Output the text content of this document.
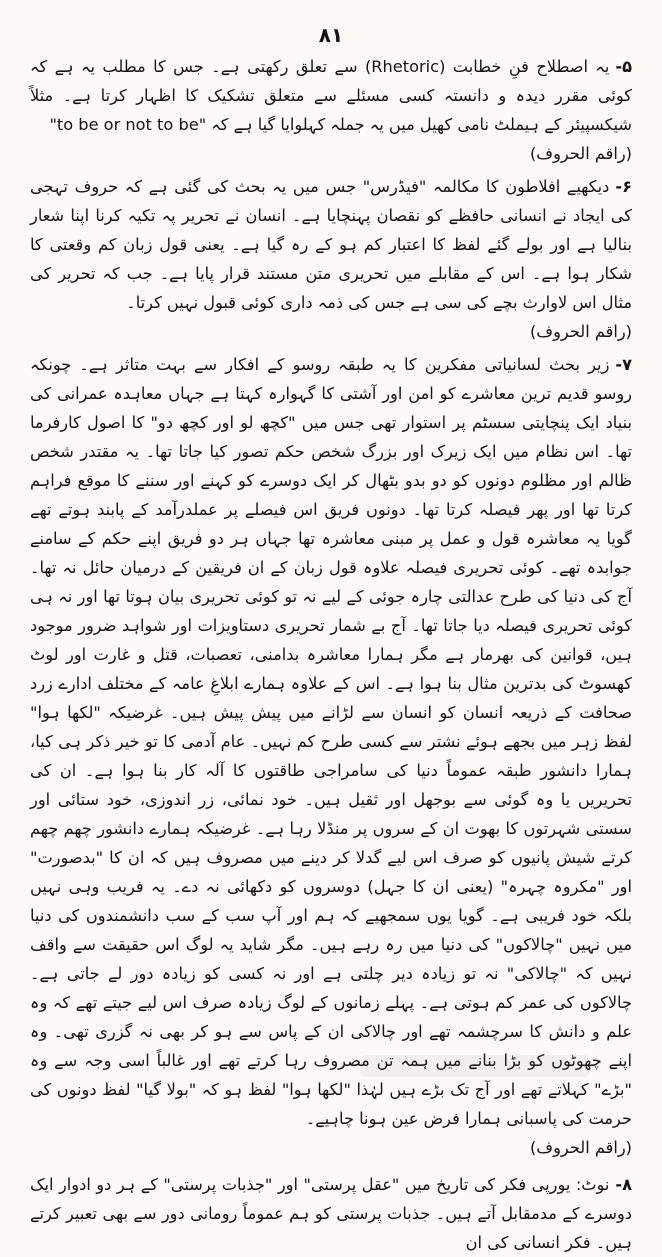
۸۱

۵-یہ اصطلاح فنِ خطابت (Rhetoric) سے تعلق رکھتی ہے۔ جس کا مطلب یہ ہے کہ کوئی مقرر دیدہ و دانستہ کسی مسئلے سے متعلق تشکیک کا اظہار کرتا ہے۔ مثلاً شیکسپیئر کے ہیملٹ نامی کھیل میں یہ جملہ کہلوایا گیا ہے کہ "to be or not to be"
(راقم الحروف)

۶-دیکھیے افلاطون کا مکالمہ "فیڈرس" جس میں یہ بحث کی گئی ہے کہ حروف تہجی کی ایجاد نے انسانی حافظے کو نقصان پہنچایا ہے۔ انسان نے تحریر پہ تکیہ کرنا اپنا شعار بنالیا ہے اور بولے گئے لفظ کا اعتبار کم ہو کے رہ گیا ہے۔ یعنی قول زبان کم وقعتی کا شکار ہوا ہے۔ اس کے مقابلے میں تحریری متن مستند قرار پایا ہے۔ جب کہ تحریر کی مثال اس لاوارث بچے کی سی ہے جس کی ذمہ داری کوئی قبول نہیں کرتا۔
(راقم الحروف)

۷-زیر بحث لسانیاتی مفکرین کا یہ طبقہ روسو کے افکار سے بہت متاثر ہے۔ چونکہ روسو قدیم ترین معاشرے کو امن اور آشتی کا گہوارہ کہتا ہے جہاں معاہدہ عمرانی کی بنیاد ایک پنچایتی سسٹم پر استوار تھی جس میں "کچھ لو اور کچھ دو" کا اصول کارفرما تھا۔ اس نظام میں ایک زیرک اور بزرگ شخص حکم تصور کیا جاتا تھا۔ یہ مقتدر شخص ظالم اور مظلوم دونوں کو دو بدو بٹھال کر ایک دوسرے کو کہنے اور سننے کا موقع فراہم کرتا تھا اور پھر فیصلہ کرتا تھا۔ دونوں فریق اس فیصلے پر عملدرآمد کے پابند ہوتے تھے گویا یہ معاشرہ قول و عمل پر مبنی معاشرہ تھا جہاں ہر دو فریق اپنے حکم کے سامنے جوابدہ تھے۔ کوئی تحریری فیصلہ علاوہ قول زبان کے ان فریقین کے درمیان حائل نہ تھا۔ آج کی دنیا کی طرح عدالتی چارہ جوئی کے لیے نہ تو کوئی تحریری بیان ہوتا تھا اور نہ ہی کوئی تحریری فیصلہ دیا جاتا تھا۔ آج بے شمار تحریری دستاویزات اور شواہد ضرور موجود ہیں، قوانین کی بھرمار ہے مگر ہمارا معاشرہ بدامنی، تعصبات، قتل و غارت اور لوٹ کھسوٹ کی بدترین مثال بنا ہوا ہے۔ اس کے علاوہ ہمارے ابلاغِ عامہ کے مختلف ادارے زرد صحافت کے ذریعہ انسان کو انسان سے لڑانے میں پیش پیش ہیں۔ غرضیکہ "لکھا ہوا" لفظ زہر میں بجھے ہوئے نشتر سے کسی طرح کم نہیں۔ عام آدمی کا تو خیر ذکر ہی کیا، ہمارا دانشور طبقہ عموماً دنیا کی سامراجی طاقتوں کا آلہ کار بنا ہوا ہے۔ ان کی تحریریں یا وہ گوئی سے بوجھل اور ثقیل ہیں۔ خود نمائی، زر اندوزی، خود ستائی اور سستی شہرتوں کا بھوت ان کے سروں پر منڈلا رہا ہے۔ غرضیکہ ہمارے دانشور چھم چھم کرتے شیش پانیوں کو صرف اس لیے گدلا کر دینے میں مصروف ہیں کہ ان کا "بدصورت" اور "مکروہ چہرہ" (یعنی ان کا جہل) دوسروں کو دکھائی نہ دے۔ یہ فریب وہی نہیں بلکہ خود فریبی ہے۔ گویا یوں سمجھیے کہ ہم اور آپ سب کے سب دانشمندوں کی دنیا میں نہیں "چالاکوں" کی دنیا میں رہ رہے ہیں۔ مگر شاید یہ لوگ اس حقیقت سے واقف نہیں کہ "چالاکی" نہ تو زیادہ دیر چلتی ہے اور نہ کسی کو زیادہ دور لے جاتی ہے۔ چالاکوں کی عمر کم ہوتی ہے۔ پہلے زمانوں کے لوگ زیادہ صرف اس لیے جیتے تھے کہ وہ علم و دانش کا سرچشمہ تھے اور چالاکی ان کے پاس سے ہو کر بھی نہ گزری تھی۔ وہ اپنے چھوٹوں کو بڑا بنانے میں ہمہ تن مصروف رہا کرتے تھے اور غالباً اسی وجہ سے وہ "بڑے" کہلاتے تھے اور آج تک بڑے ہیں لہٰذا "لکھا ہوا" لفظ ہو کہ "بولا گیا" لفظ دونوں کی حرمت کی پاسبانی ہمارا فرض عین ہونا چاہیے۔
(راقم الحروف)

۸-نوٹ: یورپی فکر کی تاریخ میں "عقل پرستی" اور "جذبات پرستی" کے ہر دو ادوار ایک دوسرے کے مدمقابل آتے ہیں۔ جذبات پرستی کو ہم عموماً رومانی دور سے بھی تعبیر کرتے ہیں۔ فکر انسانی کی ان
